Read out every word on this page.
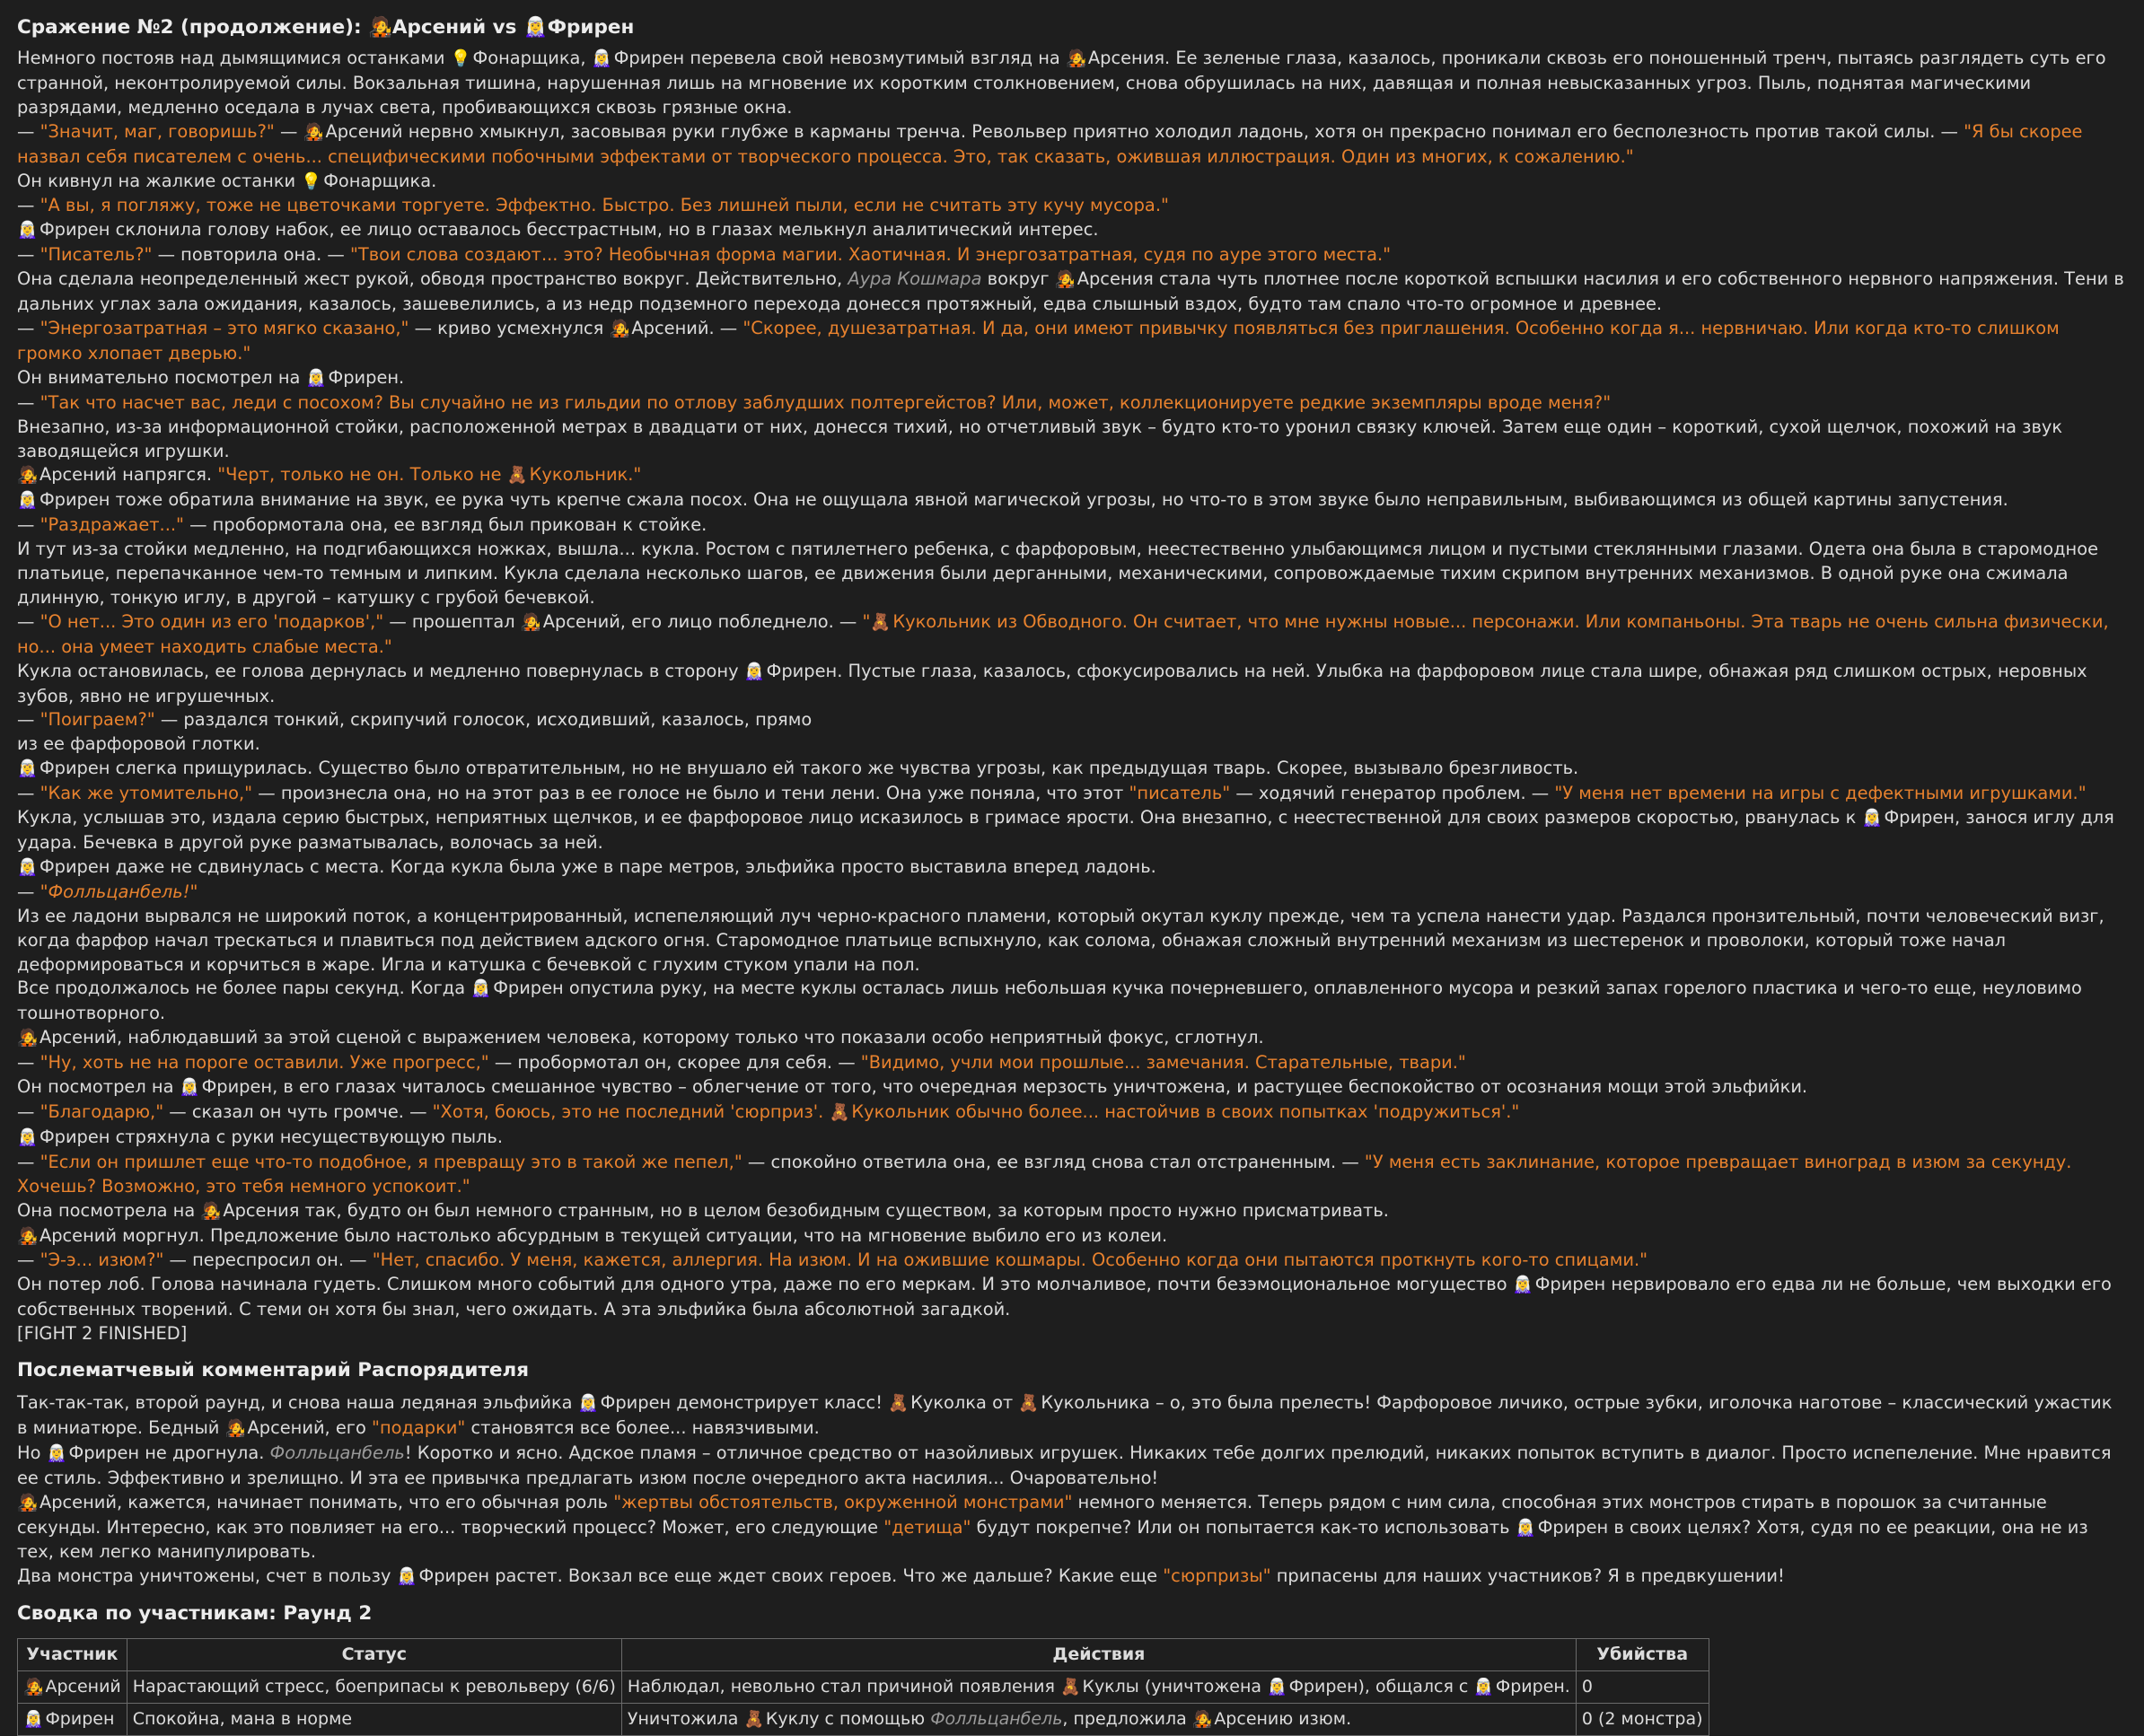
Сражение №2 (продолжение): 🧑‍🎤Арсений vs 🧝‍♀️Фрирен

Немного постояв над дымящимися останками 💡 Фонарщика, 🧝‍♀️ Фрирен перевела свой невозмутимый взгляд на 🧑‍🎤 Арсения. Ее зеленые глаза, казалось, проникали сквозь его поношенный тренч, пытаясь разглядеть суть его странной, неконтролируемой силы. Вокзальная тишина, нарушенная лишь на мгновение их коротким столкновением, снова обрушилась на них, давящая и полная невысказанных угроз. Пыль, поднятая магическими разрядами, медленно оседала в лучах света, пробивающихся сквозь грязные окна.

— "Значит, маг, говоришь?" — 🧑‍🎤 Арсений нервно хмыкнул, засовывая руки глубже в карманы тренча. Револьвер приятно холодил ладонь, хотя он прекрасно понимал его бесполезность против такой силы. — "Я бы скорее назвал себя писателем с очень... специфическими побочными эффектами от творческого процесса. Это, так сказать, ожившая иллюстрация. Один из многих, к сожалению."

Он кивнул на жалкие останки 💡 Фонарщика.

— "А вы, я погляжу, тоже не цветочками торгуете. Эффектно. Быстро. Без лишней пыли, если не считать эту кучу мусора."

🧝‍♀️ Фрирен склонила голову набок, ее лицо оставалось бесстрастным, но в глазах мелькнул аналитический интерес.

— "Писатель?" — повторила она. — "Твои слова создают... это? Необычная форма магии. Хаотичная. И энергозатратная, судя по ауре этого места."

Она сделала неопределенный жест рукой, обводя пространство вокруг. Действительно, Аура Кошмара вокруг 🧑‍🎤 Арсения стала чуть плотнее после короткой вспышки насилия и его собственного нервного напряжения. Тени в дальних углах зала ожидания, казалось, зашевелились, а из недр подземного перехода донесся протяжный, едва слышный вздох, будто там спало что-то огромное и древнее.

— "Энергозатратная – это мягко сказано," — криво усмехнулся 🧑‍🎤 Арсений. — "Скорее, душезатратная. И да, они имеют привычку появляться без приглашения. Особенно когда я... нервничаю. Или когда кто-то слишком громко хлопает дверью."

Он внимательно посмотрел на 🧝‍♀️ Фрирен.

— "Так что насчет вас, леди с посохом? Вы случайно не из гильдии по отлову заблудших полтергейстов? Или, может, коллекционируете редкие экземпляры вроде меня?"

Внезапно, из-за информационной стойки, расположенной метрах в двадцати от них, донесся тихий, но отчетливый звук – будто кто-то уронил связку ключей. Затем еще один – короткий, сухой щелчок, похожий на звук заводящейся игрушки.

🧑‍🎤 Арсений напрягся. "Черт, только не он. Только не 🧸 Кукольник."

🧝‍♀️ Фрирен тоже обратила внимание на звук, ее рука чуть крепче сжала посох. Она не ощущала явной магической угрозы, но что-то в этом звуке было неправильным, выбивающимся из общей картины запустения.

— "Раздражает..." — пробормотала она, ее взгляд был прикован к стойке.

И тут из-за стойки медленно, на подгибающихся ножках, вышла... кукла. Ростом с пятилетнего ребенка, с фарфоровым, неестественно улыбающимся лицом и пустыми стеклянными глазами. Одета она была в старомодное платьице, перепачканное чем-то темным и липким. Кукла сделала несколько шагов, ее движения были дерганными, механическими, сопровождаемые тихим скрипом внутренних механизмов. В одной руке она сжимала длинную, тонкую иглу, в другой – катушку с грубой бечевкой.

— "О нет... Это один из его 'подарков'," — прошептал 🧑‍🎤 Арсений, его лицо побледнело. — "🧸 Кукольник из Обводного. Он считает, что мне нужны новые... персонажи. Или компаньоны. Эта тварь не очень сильна физически, но... она умеет находить слабые места."

Кукла остановилась, ее голова дернулась и медленно повернулась в сторону 🧝‍♀️ Фрирен. Пустые глаза, казалось, сфокусировались на ней. Улыбка на фарфоровом лице стала шире, обнажая ряд слишком острых, неровных зубов, явно не игрушечных.

— "Поиграем?" — раздался тонкий, скрипучий голосок, исходивший, казалось, прямо

из ее фарфоровой глотки.

🧝‍♀️ Фрирен слегка прищурилась. Существо было отвратительным, но не внушало ей такого же чувства угрозы, как предыдущая тварь. Скорее, вызывало брезгливость.

— "Как же утомительно," — произнесла она, но на этот раз в ее голосе не было и тени лени. Она уже поняла, что этот "писатель" — ходячий генератор проблем. — "У меня нет времени на игры с дефектными игрушками."

Кукла, услышав это, издала серию быстрых, неприятных щелчков, и ее фарфоровое лицо исказилось в гримасе ярости. Она внезапно, с неестественной для своих размеров скоростью, рванулась к 🧝‍♀️ Фрирен, занося иглу для удара. Бечевка в другой руке разматывалась, волочась за ней.

🧝‍♀️ Фрирен даже не сдвинулась с места. Когда кукла была уже в паре метров, эльфийка просто выставила вперед ладонь.

— "Фолльцанбель!"

Из ее ладони вырвался не широкий поток, а концентрированный, испепеляющий луч черно-красного пламени, который окутал куклу прежде, чем та успела нанести удар. Раздался пронзительный, почти человеческий визг, когда фарфор начал трескаться и плавиться под действием адского огня. Старомодное платьице вспыхнуло, как солома, обнажая сложный внутренний механизм из шестеренок и проволоки, который тоже начал деформироваться и корчиться в жаре. Игла и катушка с бечевкой с глухим стуком упали на пол.

Все продолжалось не более пары секунд. Когда 🧝‍♀️ Фрирен опустила руку, на месте куклы осталась лишь небольшая кучка почерневшего, оплавленного мусора и резкий запах горелого пластика и чего-то еще, неуловимо тошнотворного.

🧑‍🎤 Арсений, наблюдавший за этой сценой с выражением человека, которому только что показали особо неприятный фокус, сглотнул.

— "Ну, хоть не на пороге оставили. Уже прогресс," — пробормотал он, скорее для себя. — "Видимо, учли мои прошлые... замечания. Старательные, твари."

Он посмотрел на 🧝‍♀️ Фрирен, в его глазах читалось смешанное чувство – облегчение от того, что очередная мерзость уничтожена, и растущее беспокойство от осознания мощи этой эльфийки.

— "Благодарю," — сказал он чуть громче. — "Хотя, боюсь, это не последний 'сюрприз'. 🧸 Кукольник обычно более... настойчив в своих попытках 'подружиться'."

🧝‍♀️ Фрирен стряхнула с руки несуществующую пыль.

— "Если он пришлет еще что-то подобное, я превращу это в такой же пепел," — спокойно ответила она, ее взгляд снова стал отстраненным. — "У меня есть заклинание, которое превращает виноград в изюм за секунду. Хочешь? Возможно, это тебя немного успокоит."

Она посмотрела на 🧑‍🎤 Арсения так, будто он был немного странным, но в целом безобидным существом, за которым просто нужно присматривать.

🧑‍🎤 Арсений моргнул. Предложение было настолько абсурдным в текущей ситуации, что на мгновение выбило его из колеи.

— "Э-э... изюм?" — переспросил он. — "Нет, спасибо. У меня, кажется, аллергия. На изюм. И на ожившие кошмары. Особенно когда они пытаются проткнуть кого-то спицами."

Он потер лоб. Голова начинала гудеть. Слишком много событий для одного утра, даже по его меркам. И это молчаливое, почти безэмоциональное могущество 🧝‍♀️ Фрирен нервировало его едва ли не больше, чем выходки его собственных творений. С теми он хотя бы знал, чего ожидать. А эта эльфийка была абсолютной загадкой.

[FIGHT 2 FINISHED]

Послематчевый комментарий Распорядителя

Так-так-так, второй раунд, и снова наша ледяная эльфийка 🧝‍♀️ Фрирен демонстрирует класс! 🧸 Куколка от 🧸 Кукольника – о, это была прелесть! Фарфоровое личико, острые зубки, иголочка наготове – классический ужастик в миниатюре. Бедный 🧑‍🎤 Арсений, его "подарки" становятся все более... навязчивыми.

Но 🧝‍♀️ Фрирен не дрогнула. Фолльцанбель! Коротко и ясно. Адское пламя – отличное средство от назойливых игрушек. Никаких тебе долгих прелюдий, никаких попыток вступить в диалог. Просто испепеление. Мне нравится ее стиль. Эффективно и зрелищно. И эта ее привычка предлагать изюм после очередного акта насилия... Очаровательно!

🧑‍🎤 Арсений, кажется, начинает понимать, что его обычная роль "жертвы обстоятельств, окруженной монстрами" немного меняется. Теперь рядом с ним сила, способная этих монстров стирать в порошок за считанные секунды. Интересно, как это повлияет на его... творческий процесс? Может, его следующие "детища" будут покрепче? Или он попытается как-то использовать 🧝‍♀️ Фрирен в своих целях? Хотя, судя по ее реакции, она не из тех, кем легко манипулировать.

Два монстра уничтожены, счет в пользу 🧝‍♀️ Фрирен растет. Вокзал все еще ждет своих героев. Что же дальше? Какие еще "сюрпризы" припасены для наших участников? Я в предвкушении!

Сводка по участникам: Раунд 2
Участник	Статус	Действия	Убийства
🧑‍🎤 Арсений	Нарастающий стресс, боеприпасы к револьверу (6/6)	Наблюдал, невольно стал причиной появления 🧸 Куклы (уничтожена 🧝‍♀️ Фрирен), общался с 🧝‍♀️ Фрирен.	0
🧝‍♀️ Фрирен	Спокойна, мана в норме	Уничтожила 🧸 Куклу с помощью Фолльцанбель, предложила 🧑‍🎤 Арсению изюм.	0 (2 монстра)
